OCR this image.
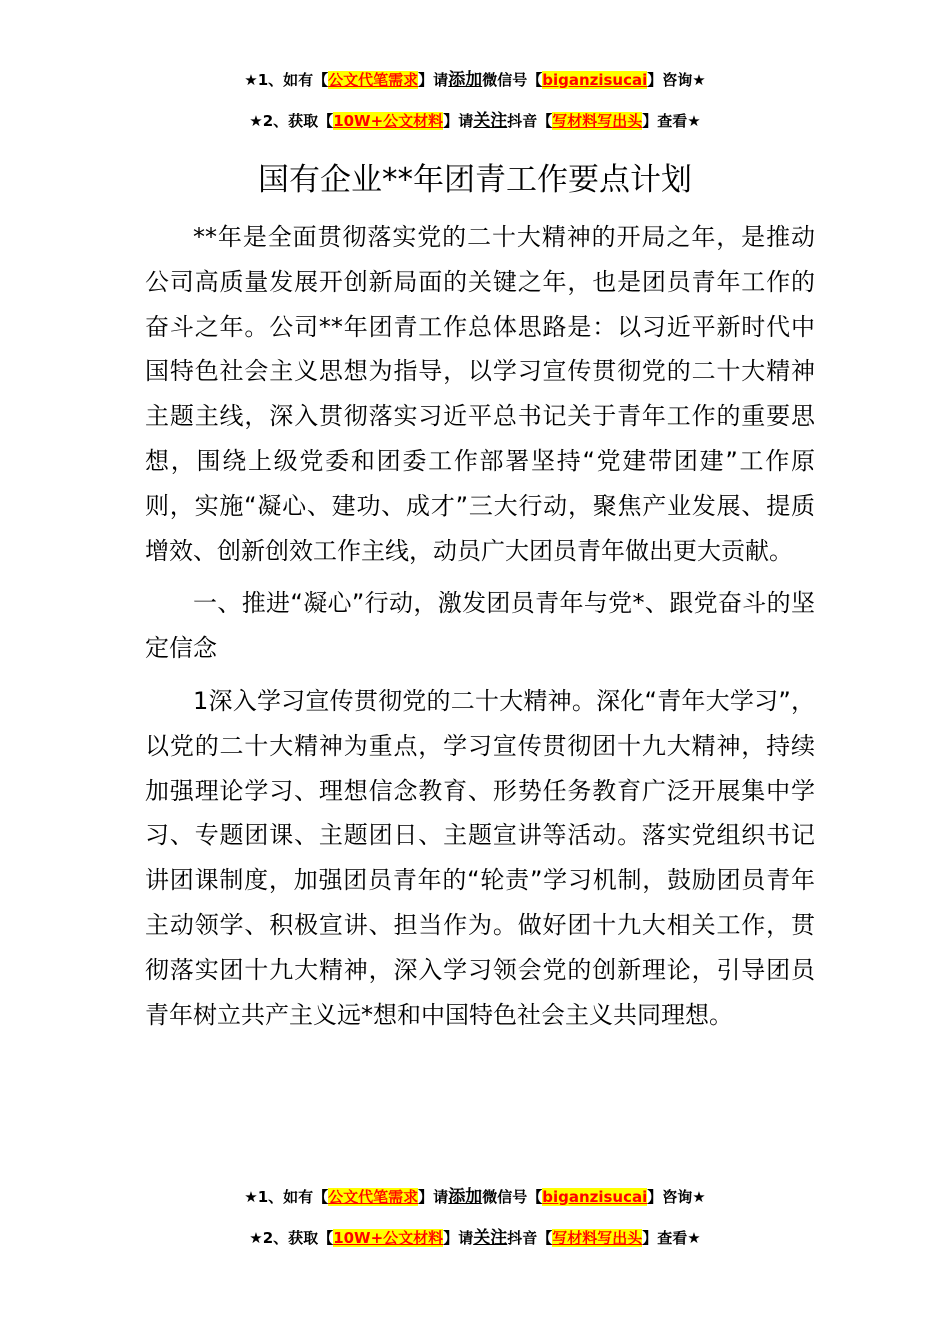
★1、如有【公文代笔需求】请添加微信号【biganzisucai】咨询★
★2、获取【10W+公文材料】请关注抖音【写材料写出头】查看★
国有企业**年团青工作要点计划

**年是全面贯彻落实党的二十大精神的开局之年，是推动公司高质量发展开创新局面的关键之年，也是团员青年工作的奋斗之年。公司**年团青工作总体思路是：以习近平新时代中国特色社会主义思想为指导，以学习宣传贯彻党的二十大精神主题主线，深入贯彻落实习近平总书记关于青年工作的重要思想，围绕上级党委和团委工作部署坚持“党建带团建”工作原则，实施“凝心、建功、成才”三大行动，聚焦产业发展、提质增效、创新创效工作主线，动员广大团员青年做出更大贡献。

一、推进“凝心”行动，激发团员青年与党*、跟党奋斗的坚定信念

1深入学习宣传贯彻党的二十大精神。深化“青年大学习”，以党的二十大精神为重点，学习宣传贯彻团十九大精神，持续加强理论学习、理想信念教育、形势任务教育广泛开展集中学习、专题团课、主题团日、主题宣讲等活动。落实党组织书记讲团课制度，加强团员青年的“轮责”学习机制，鼓励团员青年主动领学、积极宣讲、担当作为。做好团十九大相关工作，贯彻落实团十九大精神，深入学习领会党的创新理论，引导团员青年树立共产主义远*想和中国特色社会主义共同理想。

★1、如有【公文代笔需求】请添加微信号【biganzisucai】咨询★
★2、获取【10W+公文材料】请关注抖音【写材料写出头】查看★
